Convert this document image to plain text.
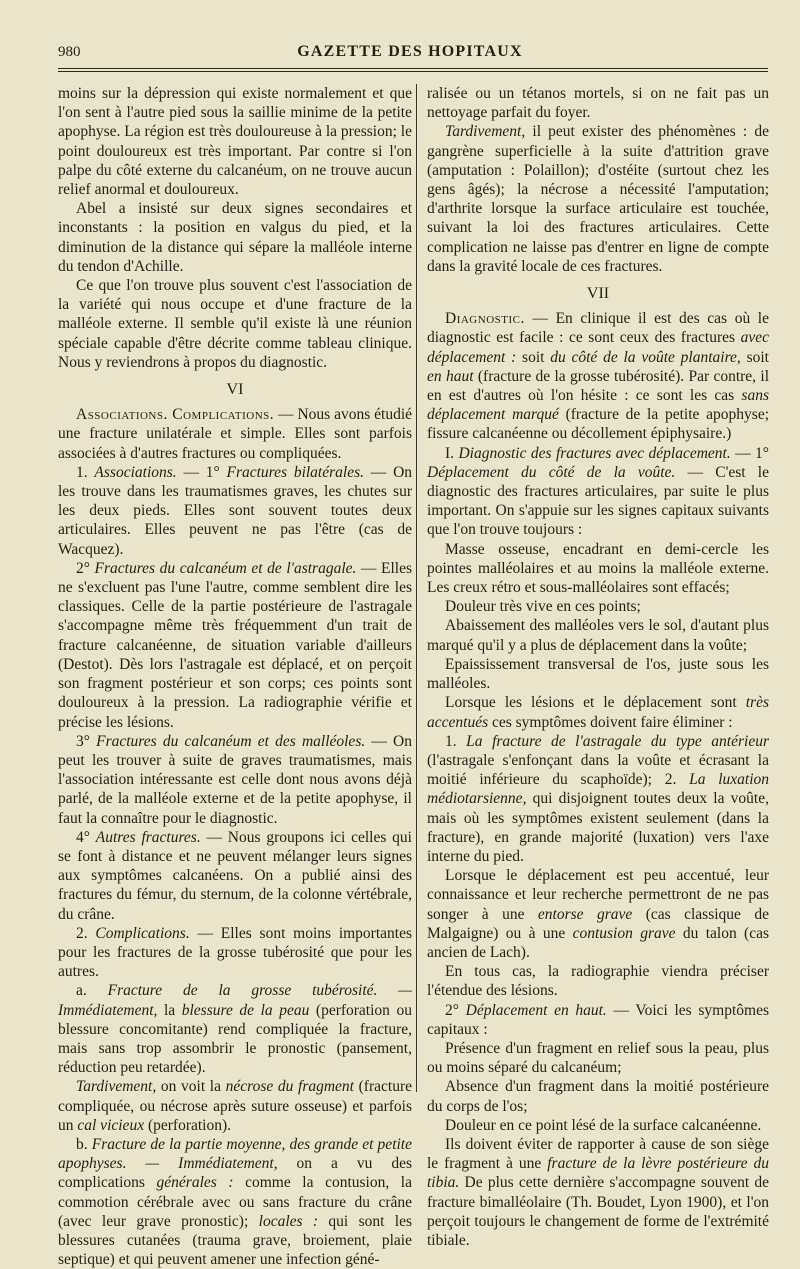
980	GAZETTE DES HOPITAUX

moins sur la dépression qui existe normalement et que l'on sent à l'autre pied sous la saillie minime de la petite apophyse. La région est très douloureuse à la pression; le point douloureux est très important. Par contre si l'on palpe du côté externe du calcanéum, on ne trouve aucun relief anormal et douloureux.

Abel a insisté sur deux signes secondaires et inconstants : la position en valgus du pied, et la diminution de la distance qui sépare la malléole interne du tendon d'Achille.

Ce que l'on trouve plus souvent c'est l'association de la variété qui nous occupe et d'une fracture de la malléole externe. Il semble qu'il existe là une réunion spéciale capable d'être décrite comme tableau clinique. Nous y reviendrons à propos du diagnostic.

VI

Associations. Complications. — Nous avons étudié une fracture unilatérale et simple. Elles sont parfois associées à d'autres fractures ou compliquées.

1. Associations. — 1° Fractures bilatérales. — On les trouve dans les traumatismes graves, les chutes sur les deux pieds. Elles sont souvent toutes deux articulaires. Elles peuvent ne pas l'être (cas de Wacquez).

2° Fractures du calcanéum et de l'astragale. — Elles ne s'excluent pas l'une l'autre, comme semblent dire les classiques. Celle de la partie postérieure de l'astragale s'accompagne même très fréquemment d'un trait de fracture calcanéenne, de situation variable d'ailleurs (Destot). Dès lors l'astragale est déplacé, et on perçoit son fragment postérieur et son corps; ces points sont douloureux à la pression. La radiographie vérifie et précise les lésions.

3° Fractures du calcanéum et des malléoles. — On peut les trouver à suite de graves traumatismes, mais l'association intéressante est celle dont nous avons déjà parlé, de la malléole externe et de la petite apophyse, il faut la connaître pour le diagnostic.

4° Autres fractures. — Nous groupons ici celles qui se font à distance et ne peuvent mélanger leurs signes aux symptômes calcanéens. On a publié ainsi des fractures du fémur, du sternum, de la colonne vértébrale, du crâne.

2. Complications. — Elles sont moins importantes pour les fractures de la grosse tubérosité que pour les autres.

a. Fracture de la grosse tubérosité. — Immédiatement, la blessure de la peau (perforation ou blessure concomitante) rend compliquée la fracture, mais sans trop assombrir le pronostic (pansement, réduction peu retardée).

Tardivement, on voit la nécrose du fragment (fracture compliquée, ou nécrose après suture osseuse) et parfois un cal vicieux (perforation).

b. Fracture de la partie moyenne, des grande et petite apophyses. — Immédiatement, on a vu des complications générales : comme la contusion, la commotion cérébrale avec ou sans fracture du crâne (avec leur grave pronostic); locales : qui sont les blessures cutanées (trauma grave, broiement, plaie septique) et qui peuvent amener une infection géné-

ralisée ou un tétanos mortels, si on ne fait pas un nettoyage parfait du foyer.

Tardivement, il peut exister des phénomènes : de gangrène superficielle à la suite d'attrition grave (amputation : Polaillon); d'ostéite (surtout chez les gens âgés); la nécrose a nécessité l'amputation; d'arthrite lorsque la surface articulaire est touchée, suivant la loi des fractures articulaires. Cette complication ne laisse pas d'entrer en ligne de compte dans la gravité locale de ces fractures.

VII

Diagnostic. — En clinique il est des cas où le diagnostic est facile : ce sont ceux des fractures avec déplacement : soit du côté de la voûte plantaire, soit en haut (fracture de la grosse tubérosité). Par contre, il en est d'autres où l'on hésite : ce sont les cas sans déplacement marqué (fracture de la petite apophyse; fissure calcanéenne ou décollement épiphysaire.)

I. Diagnostic des fractures avec déplacement. — 1° Déplacement du côté de la voûte. — C'est le diagnostic des fractures articulaires, par suite le plus important. On s'appuie sur les signes capitaux suivants que l'on trouve toujours :

Masse osseuse, encadrant en demi-cercle les pointes malléolaires et au moins la malléole externe. Les creux rétro et sous-malléolaires sont effacés;

Douleur très vive en ces points;

Abaissement des malléoles vers le sol, d'autant plus marqué qu'il y a plus de déplacement dans la voûte;

Epaississement transversal de l'os, juste sous les malléoles.

Lorsque les lésions et le déplacement sont très accentués ces symptômes doivent faire éliminer :

1. La fracture de l'astragale du type antérieur (l'astragale s'enfonçant dans la voûte et écrasant la moitié inférieure du scaphoïde); 2. La luxation médiotarsienne, qui disjoignent toutes deux la voûte, mais où les symptômes existent seulement (dans la fracture), en grande majorité (luxation) vers l'axe interne du pied.

Lorsque le déplacement est peu accentué, leur connaissance et leur recherche permettront de ne pas songer à une entorse grave (cas classique de Malgaigne) ou à une contusion grave du talon (cas ancien de Lach).

En tous cas, la radiographie viendra préciser l'étendue des lésions.

2° Déplacement en haut. — Voici les symptômes capitaux :

Présence d'un fragment en relief sous la peau, plus ou moins séparé du calcanéum;

Absence d'un fragment dans la moitié postérieure du corps de l'os;

Douleur en ce point lésé de la surface calcanéenne.

Ils doivent éviter de rapporter à cause de son siège le fragment à une fracture de la lèvre postérieure du tibia. De plus cette dernière s'accompagne souvent de fracture bimalléolaire (Th. Boudet, Lyon 1900), et l'on perçoit toujours le changement de forme de l'extrémité tibiale.
